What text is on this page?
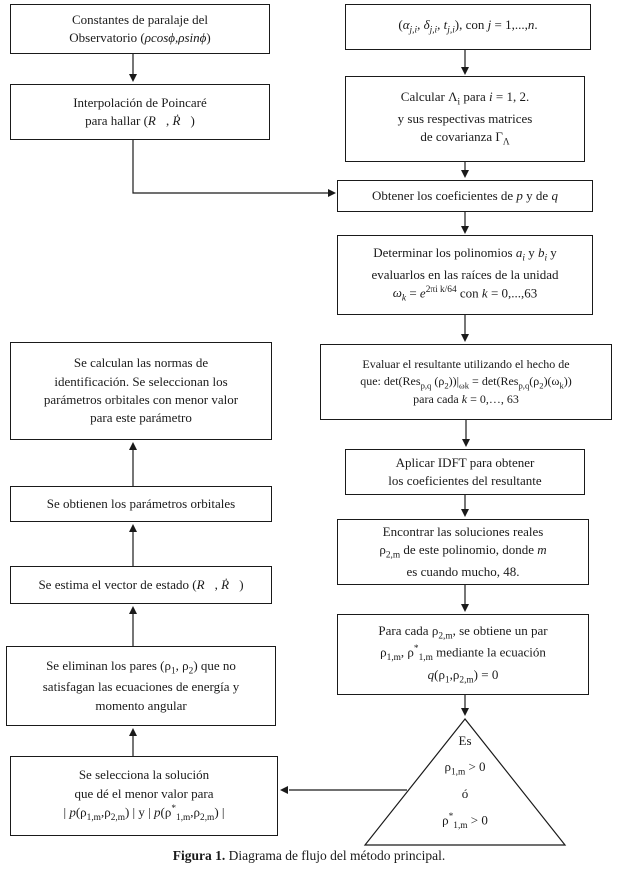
Constantes de paralaje del
Observatorio (ρcosϕ,ρsinϕ)
Interpolación de Poincaré
para hallar (R⃗, Ṙ⃗)
Se calculan las normas de
identificación. Se seleccionan los
parámetros orbitales con menor valor
para este parámetro
Se obtienen los parámetros orbitales
Se estima el vector de estado (R⃗, Ṙ⃗)
Se eliminan los pares ($\rho_1$, $\rho_2$) que no
satisfagan las ecuaciones de energía y
momento angular
Se selecciona la solución
que dé el menor valor para
| $p(\rho_{1,m},\rho_{2,m})$ | y | $p(\rho^*_{1,m},\rho_{2,m})$ |
($\alpha_{j,i}$, $\delta_{j,i}$, $t_{j,i}$), con j = 1,...,n.
Calcular $\Lambda_i$ para i = 1, 2.
y sus respectivas matrices
de covarianza $\Gamma_\Lambda$
Obtener los coeficientes de p y de q
Determinar los polinomios $a_i$ y $b_i$ y
evaluarlos en las raíces de la unidad
$\omega_k = e^{2\pi i k/64}$ con k = 0,...,63
Evaluar el resultante utilizando el hecho de
que: det(Res$_{p,q}$ $(\rho_2))|_{\omega k} = \det(Res_{p,q}(\rho_2)(\omega_k))$
para cada k = 0,…, 63
Aplicar IDFT para obtener
los coeficientes del resultante
Encontrar las soluciones reales
$\rho_{2,m}$ de este polinomio, donde m
es cuando mucho, 48.
Para cada $\rho_{2,m}$, se obtiene un par
$\rho_{1,m}$, $\rho^*_{1,m}$ mediante la ecuación
$q(\rho_1,\rho_{2,m}) = 0$
Es
$\rho_{1,m} > 0$
ó
$\rho^*_{1,m} > 0$
Figura 1. Diagrama de flujo del método principal.
